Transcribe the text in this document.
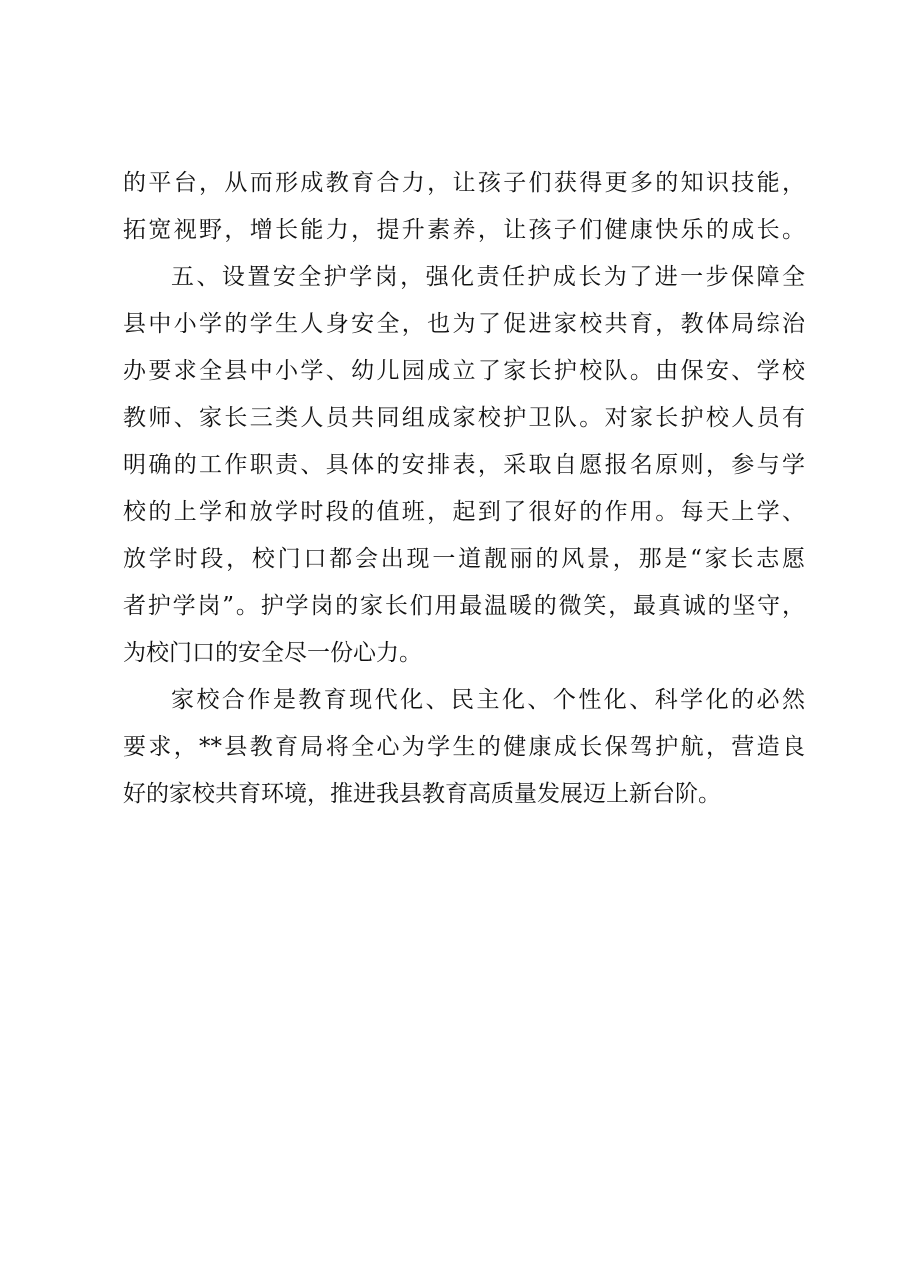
的平台，从而形成教育合力，让孩子们获得更多的知识技能，
拓宽视野，增长能力，提升素养，让孩子们健康快乐的成长。
五、设置安全护学岗，强化责任护成长为了进一步保障全
县中小学的学生人身安全，也为了促进家校共育，教体局综治
办要求全县中小学、幼儿园成立了家长护校队。由保安、学校
教师、家长三类人员共同组成家校护卫队。对家长护校人员有
明确的工作职责、具体的安排表，采取自愿报名原则，参与学
校的上学和放学时段的值班，起到了很好的作用。每天上学、
放学时段，校门口都会出现一道靓丽的风景，那是“家长志愿
者护学岗”。护学岗的家长们用最温暖的微笑，最真诚的坚守，
为校门口的安全尽一份心力。
家校合作是教育现代化、民主化、个性化、科学化的必然
要求，**县教育局将全心为学生的健康成长保驾护航，营造良
好的家校共育环境，推进我县教育高质量发展迈上新台阶。
